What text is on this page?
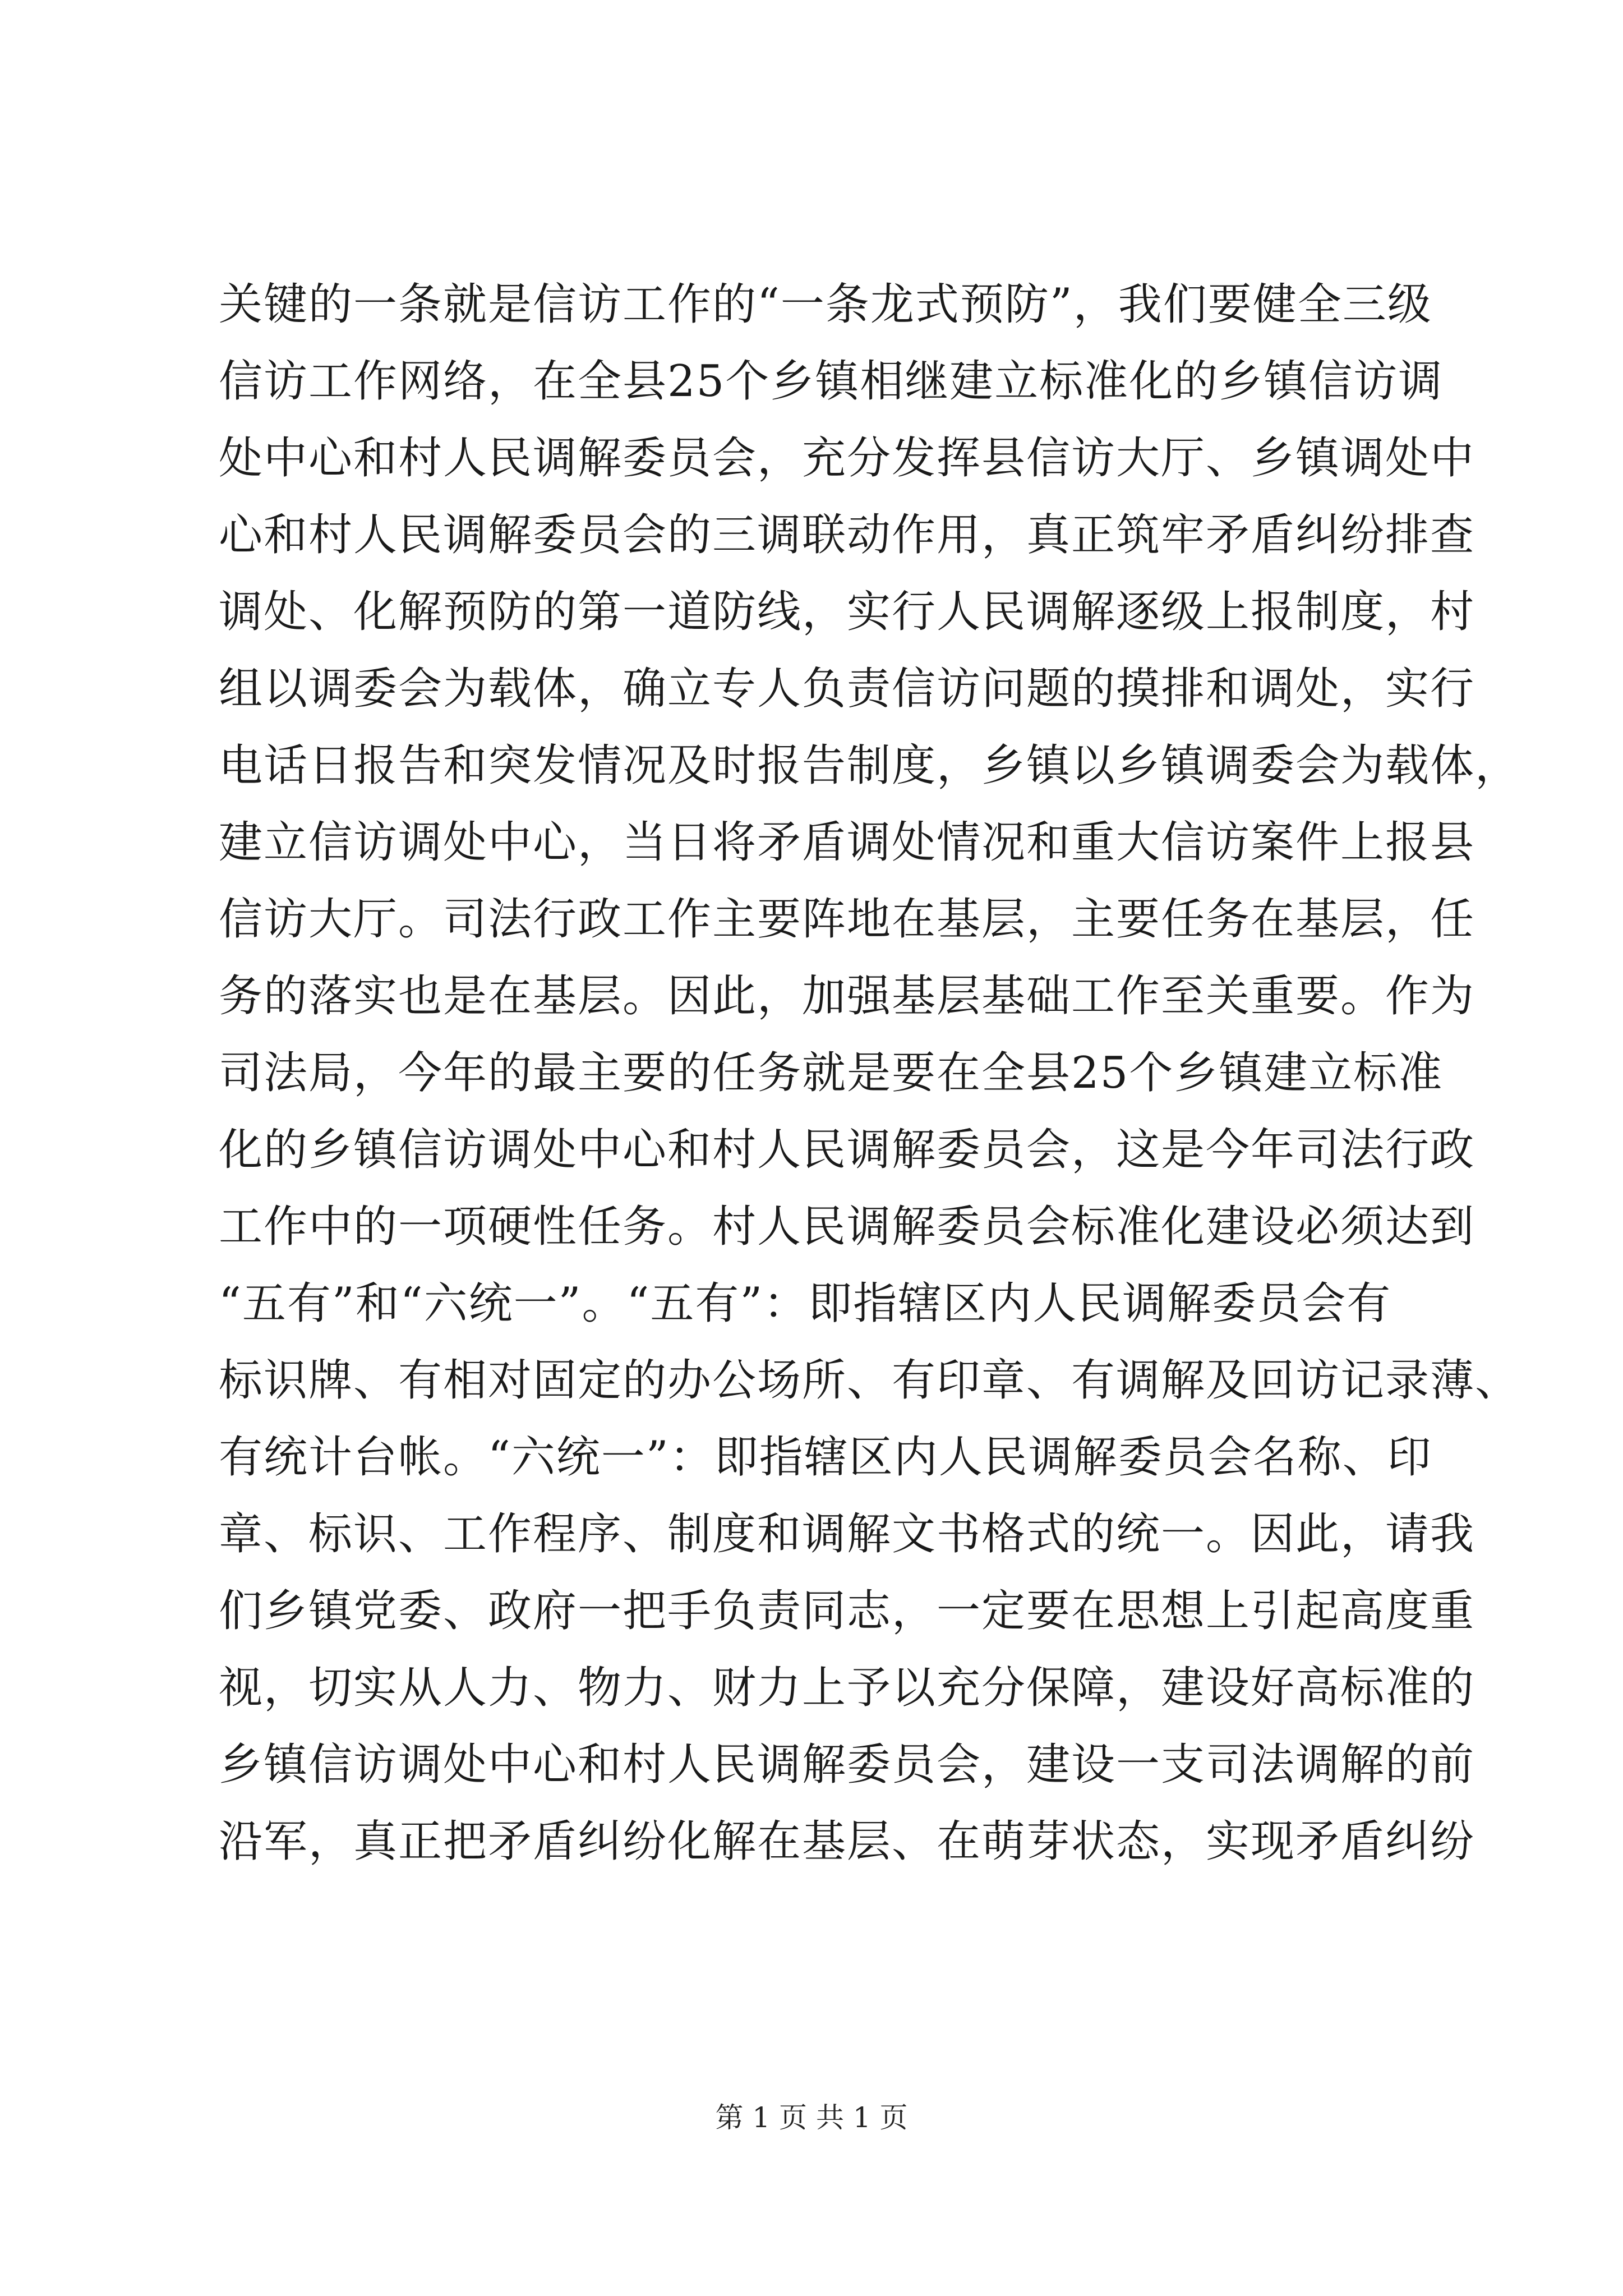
关键的一条就是信访工作的“一条龙式预防”，我们要健全三级
信访工作网络，在全县25个乡镇相继建立标准化的乡镇信访调
处中心和村人民调解委员会，充分发挥县信访大厅、乡镇调处中
心和村人民调解委员会的三调联动作用，真正筑牢矛盾纠纷排查
调处、化解预防的第一道防线，实行人民调解逐级上报制度，村
组以调委会为载体，确立专人负责信访问题的摸排和调处，实行
电话日报告和突发情况及时报告制度，乡镇以乡镇调委会为载体，
建立信访调处中心，当日将矛盾调处情况和重大信访案件上报县
信访大厅。司法行政工作主要阵地在基层，主要任务在基层，任
务的落实也是在基层。因此，加强基层基础工作至关重要。作为
司法局，今年的最主要的任务就是要在全县25个乡镇建立标准
化的乡镇信访调处中心和村人民调解委员会，这是今年司法行政
工作中的一项硬性任务。村人民调解委员会标准化建设必须达到
“五有”和“六统一”。“五有”：即指辖区内人民调解委员会有
标识牌、有相对固定的办公场所、有印章、有调解及回访记录薄、
有统计台帐。“六统一”：即指辖区内人民调解委员会名称、印
章、标识、工作程序、制度和调解文书格式的统一。因此，请我
们乡镇党委、政府一把手负责同志，一定要在思想上引起高度重
视，切实从人力、物力、财力上予以充分保障，建设好高标准的
乡镇信访调处中心和村人民调解委员会，建设一支司法调解的前
沿军，真正把矛盾纠纷化解在基层、在萌芽状态，实现矛盾纠纷
第 1 页 共 1 页
